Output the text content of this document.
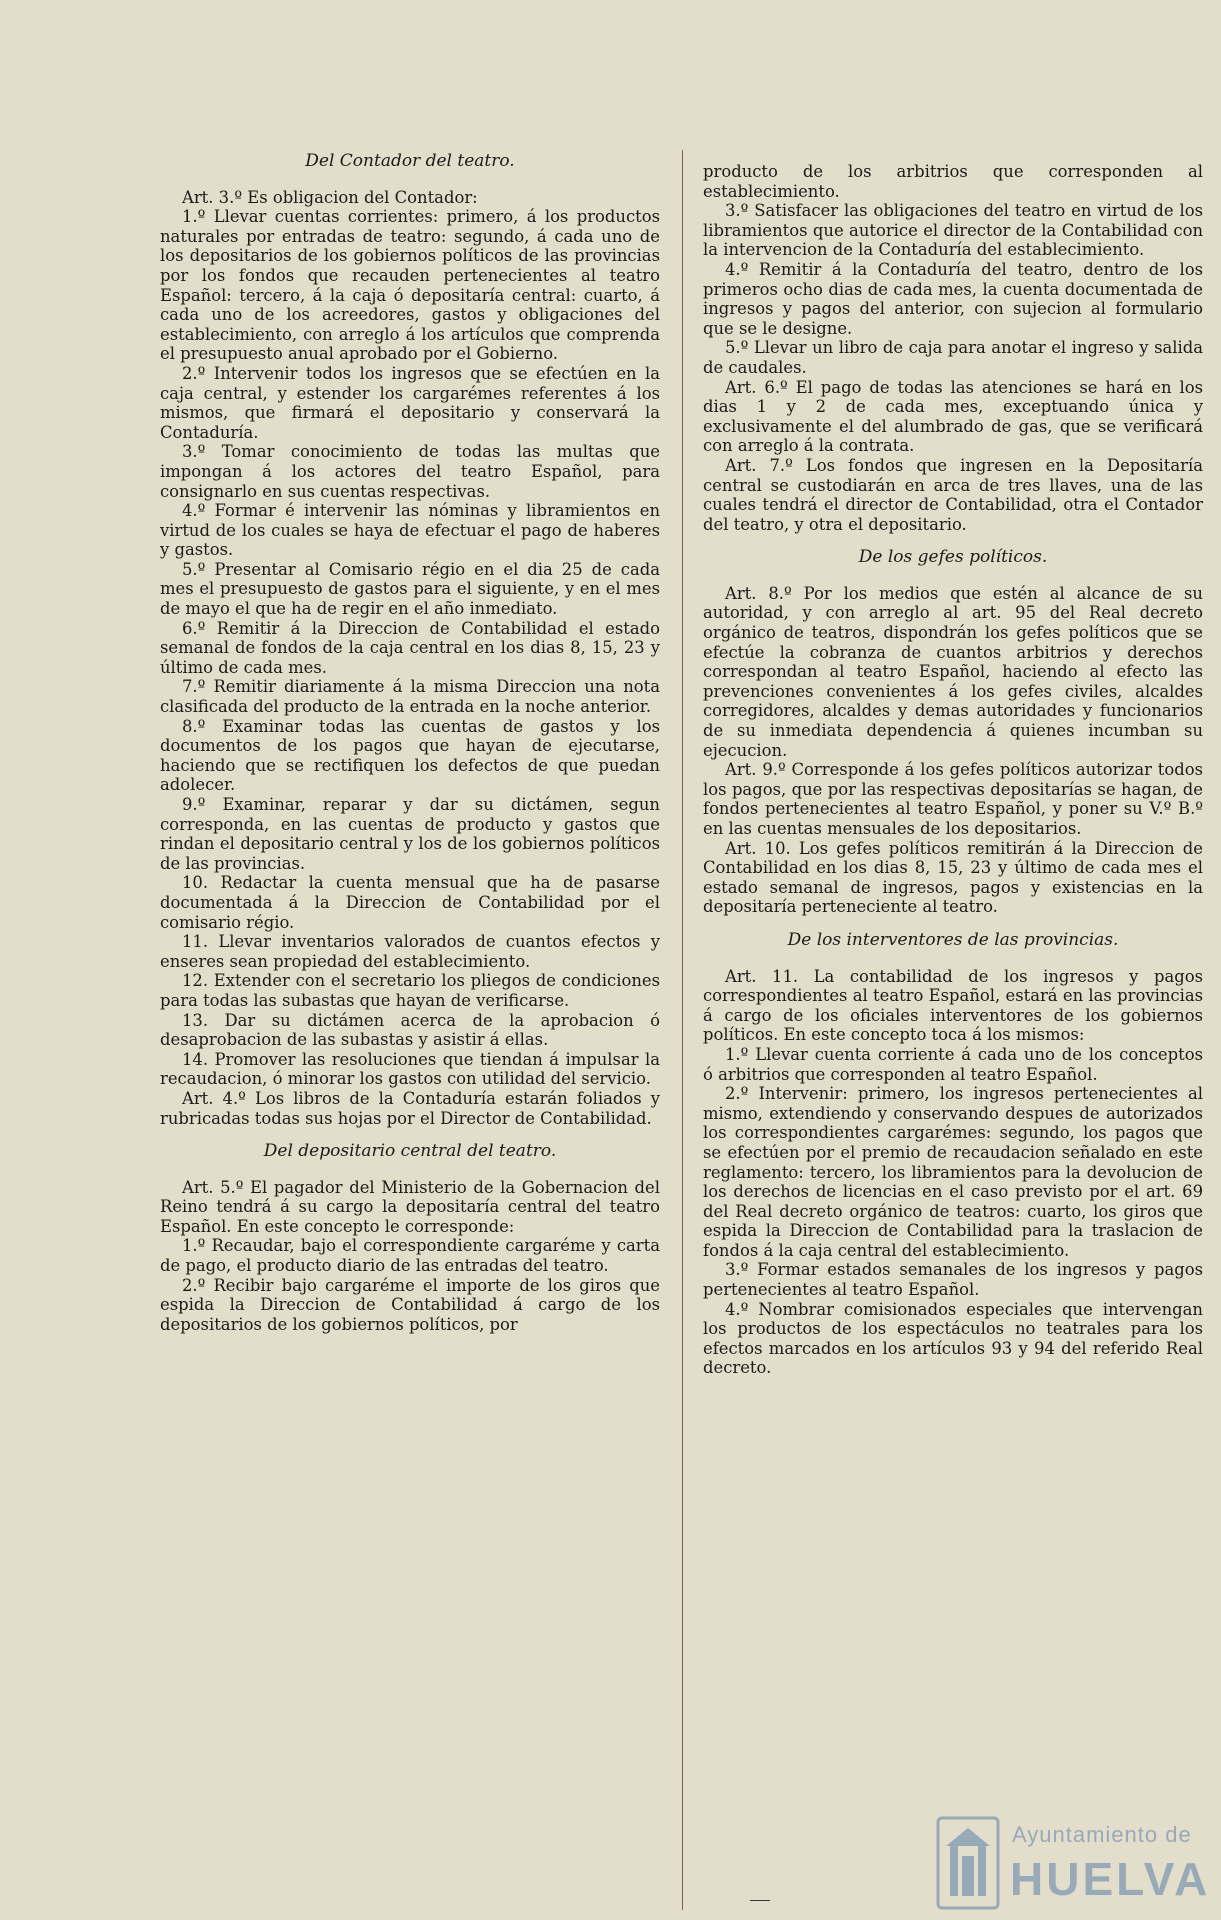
Del Contador del teatro.

Art. 3.º Es obligacion del Contador:

1.º Llevar cuentas corrientes: primero, á los productos naturales por entradas de teatro: segundo, á cada uno de los depositarios de los gobiernos políticos de las provincias por los fondos que recauden pertenecientes al teatro Español: tercero, á la caja ó depositaría central: cuarto, á cada uno de los acreedores, gastos y obligaciones del establecimiento, con arreglo á los artículos que comprenda el presupuesto anual aprobado por el Gobierno.

2.º Intervenir todos los ingresos que se efectúen en la caja central, y estender los cargarémes referentes á los mismos, que firmará el depositario y conservará la Contaduría.

3.º Tomar conocimiento de todas las multas que impongan á los actores del teatro Español, para consignarlo en sus cuentas respectivas.

4.º Formar é intervenir las nóminas y libramientos en virtud de los cuales se haya de efectuar el pago de haberes y gastos.

5.º Presentar al Comisario régio en el dia 25 de cada mes el presupuesto de gastos para el siguiente, y en el mes de mayo el que ha de regir en el año inmediato.

6.º Remitir á la Direccion de Contabilidad el estado semanal de fondos de la caja central en los dias 8, 15, 23 y último de cada mes.

7.º Remitir diariamente á la misma Direccion una nota clasificada del producto de la entrada en la noche anterior.

8.º Examinar todas las cuentas de gastos y los documentos de los pagos que hayan de ejecutarse, haciendo que se rectifiquen los defectos de que puedan adolecer.

9.º Examinar, reparar y dar su dictámen, segun corresponda, en las cuentas de producto y gastos que rindan el depositario central y los de los gobiernos políticos de las provincias.

10. Redactar la cuenta mensual que ha de pasarse documentada á la Direccion de Contabilidad por el comisario régio.

11. Llevar inventarios valorados de cuantos efectos y enseres sean propiedad del establecimiento.

12. Extender con el secretario los pliegos de condiciones para todas las subastas que hayan de verificarse.

13. Dar su dictámen acerca de la aprobacion ó desaprobacion de las subastas y asistir á ellas.

14. Promover las resoluciones que tiendan á impulsar la recaudacion, ó minorar los gastos con utilidad del servicio.

Art. 4.º Los libros de la Contaduría estarán foliados y rubricadas todas sus hojas por el Director de Contabilidad.

Del depositario central del teatro.

Art. 5.º El pagador del Ministerio de la Gobernacion del Reino tendrá á su cargo la depositaría central del teatro Español. En este concepto le corresponde:

1.º Recaudar, bajo el correspondiente cargaréme y carta de pago, el producto diario de las entradas del teatro.

2.º Recibir bajo cargaréme el importe de los giros que espida la Direccion de Contabilidad á cargo de los depositarios de los gobiernos políticos, por

producto de los arbitrios que corresponden al establecimiento.

3.º Satisfacer las obligaciones del teatro en virtud de los libramientos que autorice el director de la Contabilidad con la intervencion de la Contaduría del establecimiento.

4.º Remitir á la Contaduría del teatro, dentro de los primeros ocho dias de cada mes, la cuenta documentada de ingresos y pagos del anterior, con sujecion al formulario que se le designe.

5.º Llevar un libro de caja para anotar el ingreso y salida de caudales.

Art. 6.º El pago de todas las atenciones se hará en los dias 1 y 2 de cada mes, exceptuando única y exclusivamente el del alumbrado de gas, que se verificará con arreglo á la contrata.

Art. 7.º Los fondos que ingresen en la Depositaría central se custodiarán en arca de tres llaves, una de las cuales tendrá el director de Contabilidad, otra el Contador del teatro, y otra el depositario.

De los gefes políticos.

Art. 8.º Por los medios que estén al alcance de su autoridad, y con arreglo al art. 95 del Real decreto orgánico de teatros, dispondrán los gefes políticos que se efectúe la cobranza de cuantos arbitrios y derechos correspondan al teatro Español, haciendo al efecto las prevenciones convenientes á los gefes civiles, alcaldes corregidores, alcaldes y demas autoridades y funcionarios de su inmediata dependencia á quienes incumban su ejecucion.

Art. 9.º Corresponde á los gefes políticos autorizar todos los pagos, que por las respectivas depositarías se hagan, de fondos pertenecientes al teatro Español, y poner su V.º B.º en las cuentas mensuales de los depositarios.

Art. 10. Los gefes políticos remitirán á la Direccion de Contabilidad en los dias 8, 15, 23 y último de cada mes el estado semanal de ingresos, pagos y existencias en la depositaría perteneciente al teatro.

De los interventores de las provincias.

Art. 11. La contabilidad de los ingresos y pagos correspondientes al teatro Español, estará en las provincias á cargo de los oficiales interventores de los gobiernos políticos. En este concepto toca á los mismos:

1.º Llevar cuenta corriente á cada uno de los conceptos ó arbitrios que corresponden al teatro Español.

2.º Intervenir: primero, los ingresos pertenecientes al mismo, extendiendo y conservando despues de autorizados los correspondientes cargarémes: segundo, los pagos que se efectúen por el premio de recaudacion señalado en este reglamento: tercero, los libramientos para la devolucion de los derechos de licencias en el caso previsto por el art. 69 del Real decreto orgánico de teatros: cuarto, los giros que espida la Direccion de Contabilidad para la traslacion de fondos á la caja central del establecimiento.

3.º Formar estados semanales de los ingresos y pagos pertenecientes al teatro Español.

4.º Nombrar comisionados especiales que intervengan los productos de los espectáculos no teatrales para los efectos marcados en los artículos 93 y 94 del referido Real decreto.

Ayuntamiento de
HUELVA
